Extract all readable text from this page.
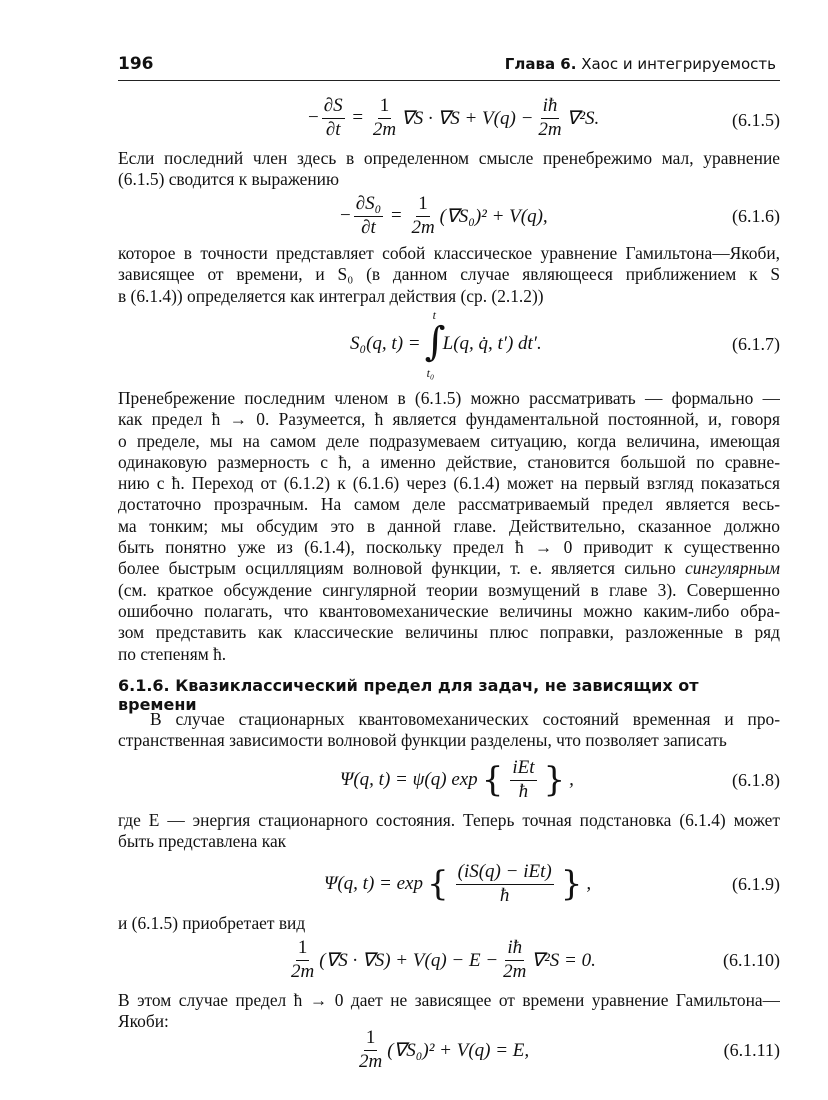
196	Глава 6. Хаос и интегрируемость
− $\frac{\partial S}{\partial t} = \frac{1}{2m} \nabla S \cdot \nabla S + V(q) - \frac{iħ}{2m} \nabla^2S$.	(6.1.5)
Если последний член здесь в определенном смысле пренебрежимо мал, уравнение
(6.1.5) сводится к выражению
− $\frac{\text{∂S₀}}{\partial t} = \frac{1}{2m} (\nabla S_0)^2 + V(q)$,	(6.1.6)
которое в точности представляет собой классическое уравнение Гамильтона—Якоби,
зависящее от времени, и S₀ (в данном случае являющееся приближением к S
в (6.1.4)) определяется как интеграл действия (ср. (2.1.2))
S₀(q, t) = ∫
t
t₀
L(q, q̇, t′) dt′.	(6.1.7)
Пренебрежение последним членом в (6.1.5) можно рассматривать — формально —
как предел ħ → 0. Разумеется, ħ является фундаментальной постоянной, и, говоря
о пределе, мы на самом деле подразумеваем ситуацию, когда величина, имеющая
одинаковую размерность с ħ, а именно действие, становится большой по сравне-
нию с ħ. Переход от (6.1.2) к (6.1.6) через (6.1.4) может на первый взгляд показаться
достаточно прозрачным. На самом деле рассматриваемый предел является весь-
ма тонким; мы обсудим это в данной главе. Действительно, сказанное должно
быть понятно уже из (6.1.4), поскольку предел ħ → 0 приводит к существенно
более быстрым осцилляциям волновой функции, т. е. является сильно сингулярным
(см. краткое обсуждение сингулярной теории возмущений в главе 3). Совершенно
ошибочно полагать, что квантовомеханические величины можно каким-либо обра-
зом представить как классические величины плюс поправки, разложенные в ряд
по степеням ħ.
6.1.6. Квазиклассический предел для задач, не зависящих от времени
В случае стационарных квантовомеханических состояний временная и про-
странственная зависимости волновой функции разделены, что позволяет записать
Ψ(q, t) = ψ(q) exp { $\frac{\text{iEt}}{ħ}$ } ,	(6.1.8)
где E — энергия стационарного состояния. Теперь точная подстановка (6.1.4) может
быть представлена как
Ψ(q, t) = exp { $\frac{\text{(iS(q) − iEt)}}{ħ}$ } ,	(6.1.9)
и (6.1.5) приобретает вид
$\frac{1}{2m} (\nabla S \cdot \nabla S) + V(q) - E - \frac{iħ}{2m} \nabla^2S = 0$.	(6.1.10)
В этом случае предел ħ → 0 дает не зависящее от времени уравнение Гамильтона—
Якоби:
$\frac{1}{2m} (\nabla S_0)^2 + V(q) = E$,	(6.1.11)
